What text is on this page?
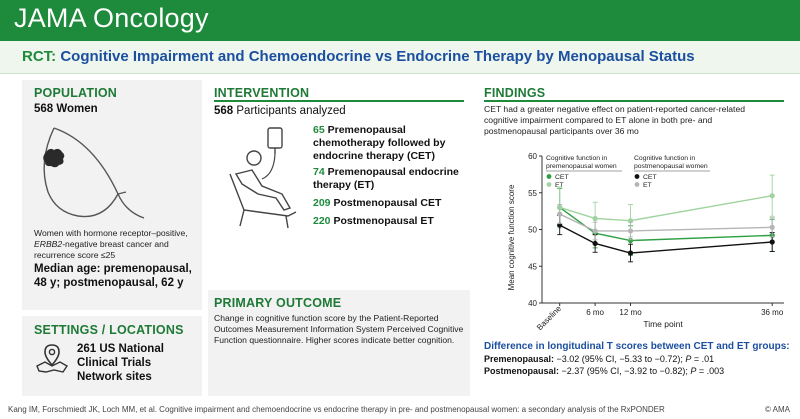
JAMA Oncology
RCT: Cognitive Impairment and Chemoendocrine vs Endocrine Therapy by Menopausal Status
POPULATION
568 Women
Women with hormone receptor–positive,
ERBB2-negative breast cancer and
recurrence score ≤25
Median age: premenopausal,
48 y; postmenopausal, 62 y
SETTINGS / LOCATIONS
261 US National
Clinical Trials
Network sites
INTERVENTION
568 Participants analyzed
65 Premenopausal
chemotherapy followed by
endocrine therapy (CET)
74 Premenopausal endocrine
therapy (ET)
209 Postmenopausal CET
220 Postmenopausal ET
PRIMARY OUTCOME
Change in cognitive function score by the Patient-Reported
Outcomes Measurement Information System Perceived Cognitive
Function questionnaire. Higher scores indicate better cognition.
FINDINGS
CET had a greater negative effect on patient-reported cancer-related
cognitive impairment compared to ET alone in both pre- and
postmenopausal participants over 36 mo
40
45
50
55
60
Baseline	6 mo 12 mo	36 mo
Time point
Mean cognitive function score
Cognitive function in
premenopausal women
CET
ET
Cognitive function in
postmenopausal women
CET
ET
Difference in longitudinal T scores between CET and ET groups:
Premenopausal: −3.02 (95% CI, −5.33 to −0.72); P = .01
Postmenopausal: −2.37 (95% CI, −3.92 to −0.82); P = .003
Kang IM, Forschmiedt JK, Loch MM, et al. Cognitive impairment and chemoendocrine vs endocrine therapy in pre- and postmenopausal women: a secondary analysis of the RxPONDER	© AMA
